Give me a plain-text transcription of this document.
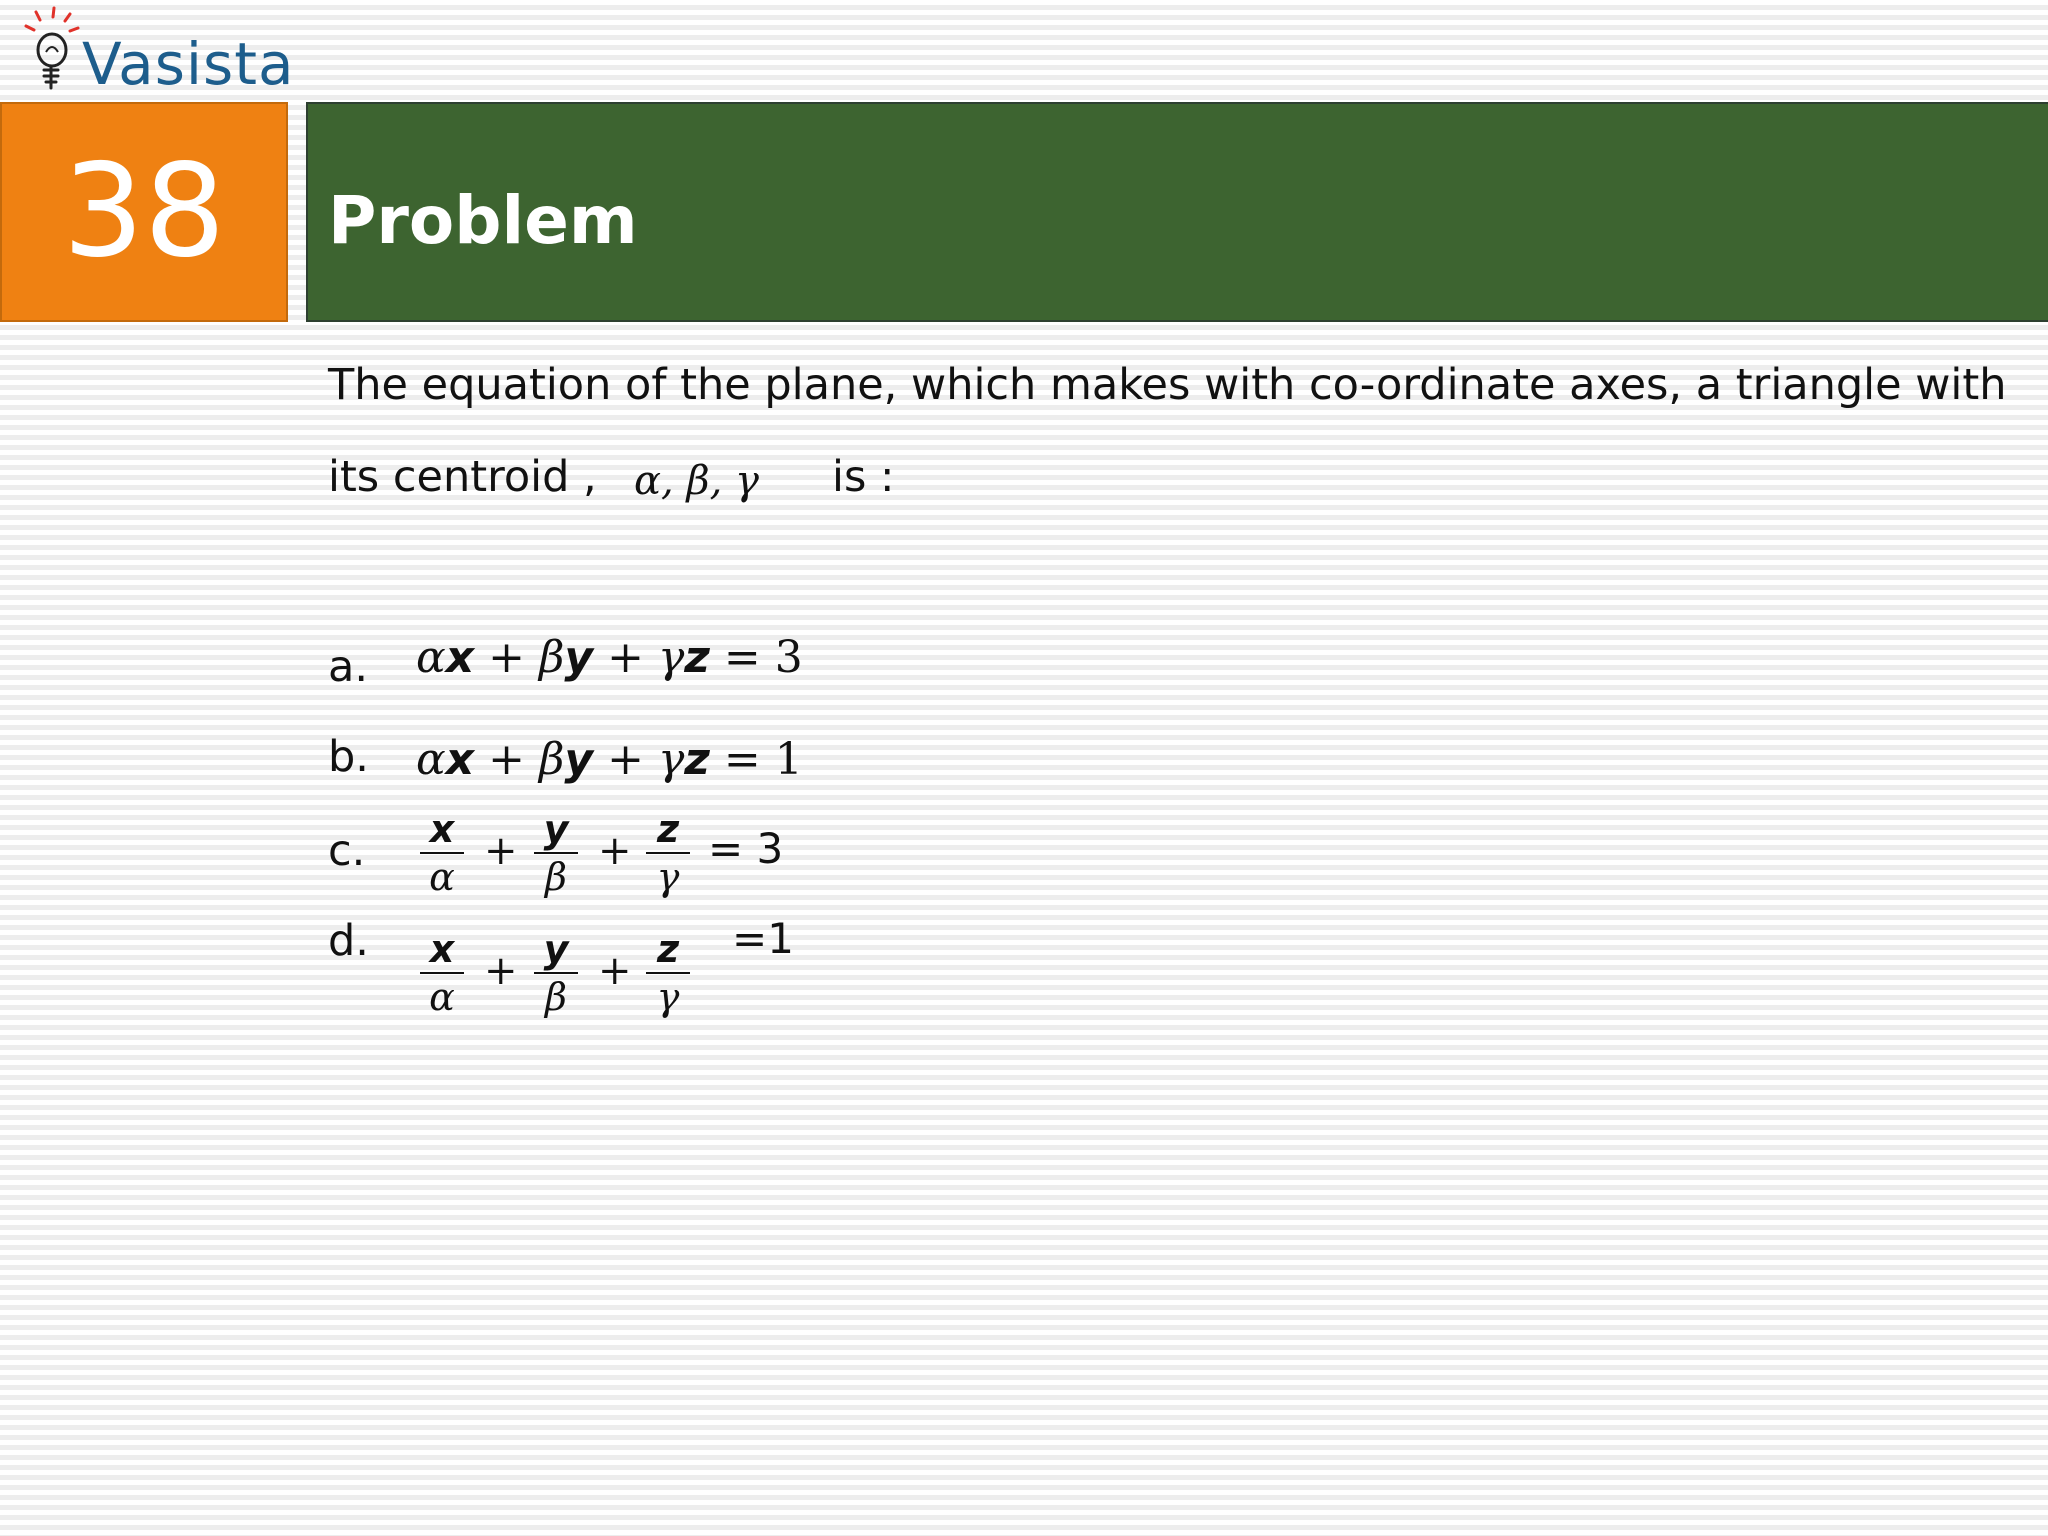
Vasista
38 Problem
The equation of the plane, which makes with co-ordinate axes, a triangle with
its centroid , α, β, γ is :
a. αx + βy + γz = 3
b. αx + βy + γz = 1
c. x
α
+ y
β
+ z
γ
= 3
d. x
α
+ y
β
+ z
γ
=1
